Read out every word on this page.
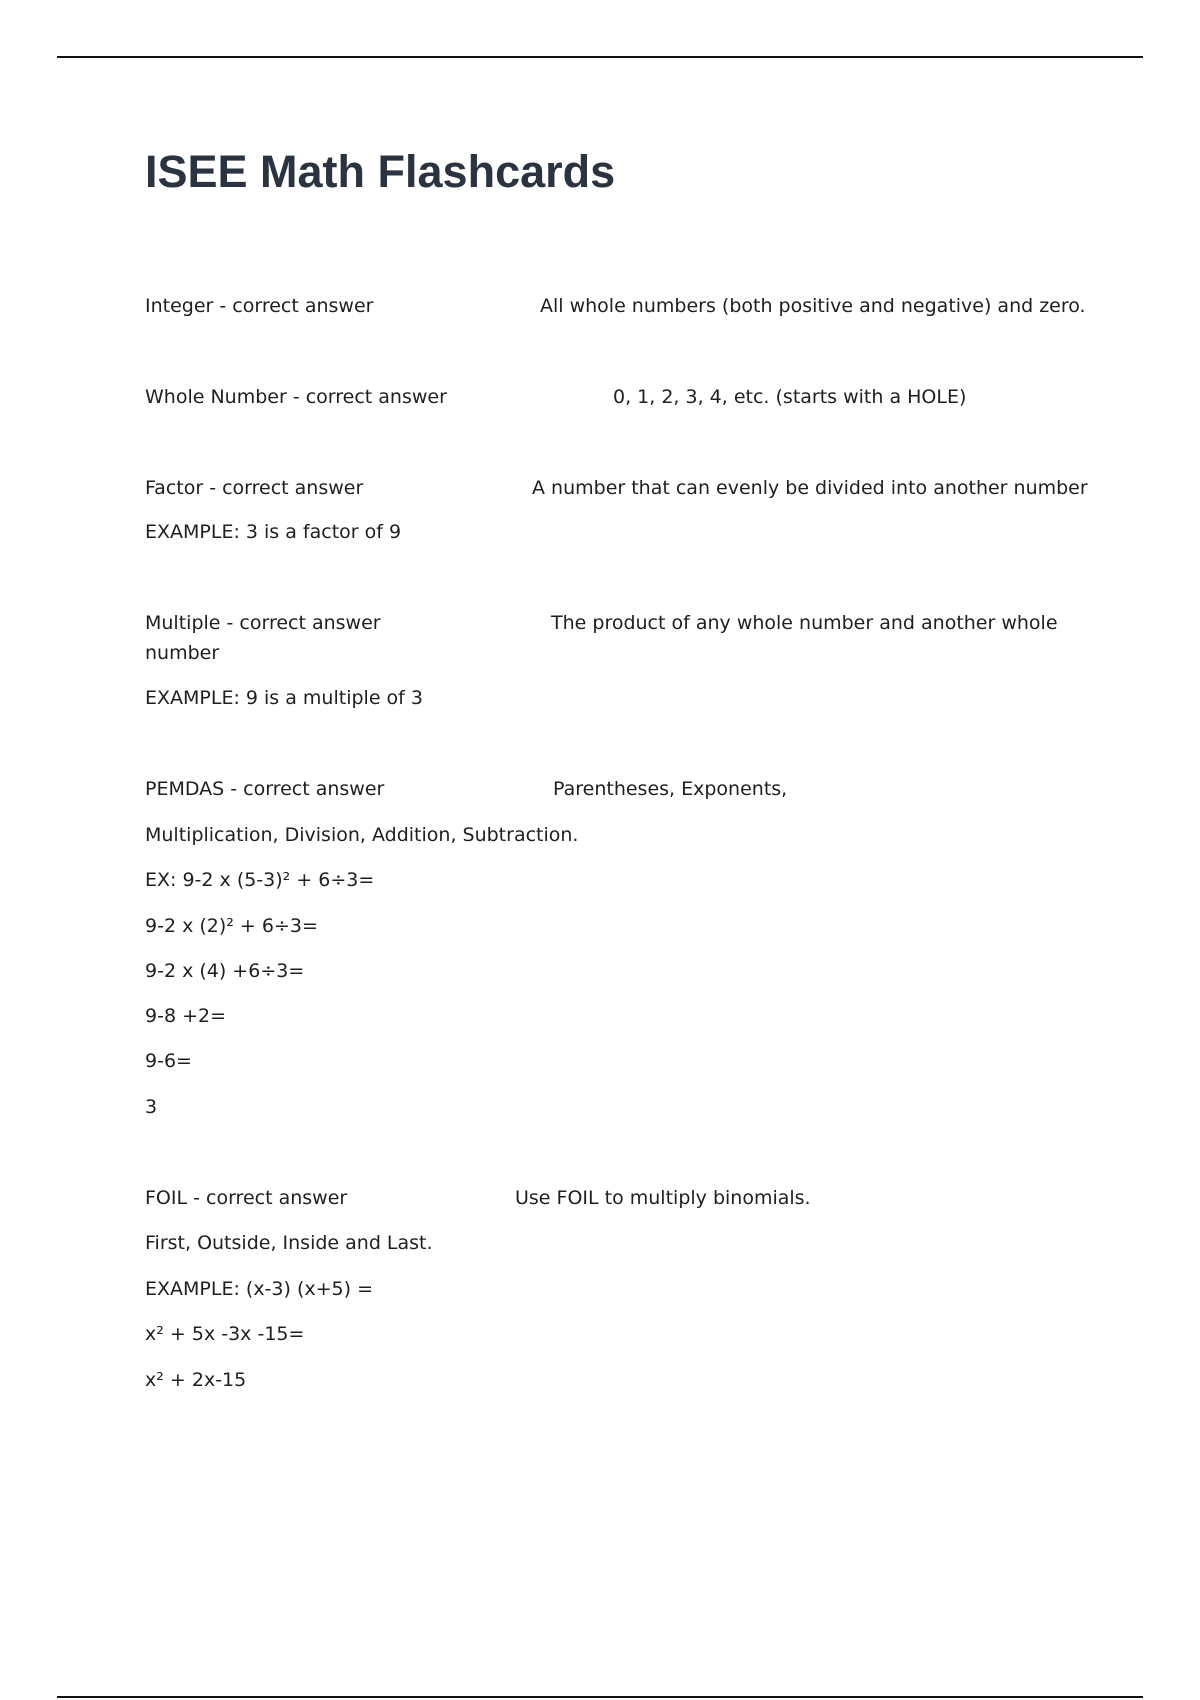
ISEE Math Flashcards
Integer - correct answer	All whole numbers (both positive and negative) and zero.
Whole Number - correct answer	0, 1, 2, 3, 4, etc. (starts with a HOLE)
Factor - correct answer	A number that can evenly be divided into another number
EXAMPLE: 3 is a factor of 9
Multiple - correct answer	The product of any whole number and another whole
number
EXAMPLE: 9 is a multiple of 3
PEMDAS - correct answer	Parentheses, Exponents,
Multiplication, Division, Addition, Subtraction.
EX: 9-2 x (5-3)² + 6÷3=
9-2 x (2)² + 6÷3=
9-2 x (4) +6÷3=
9-8 +2=
9-6=
3
FOIL - correct answer	Use FOIL to multiply binomials.
First, Outside, Inside and Last.
EXAMPLE: (x-3) (x+5) =
x² + 5x -3x -15=
x² + 2x-15
